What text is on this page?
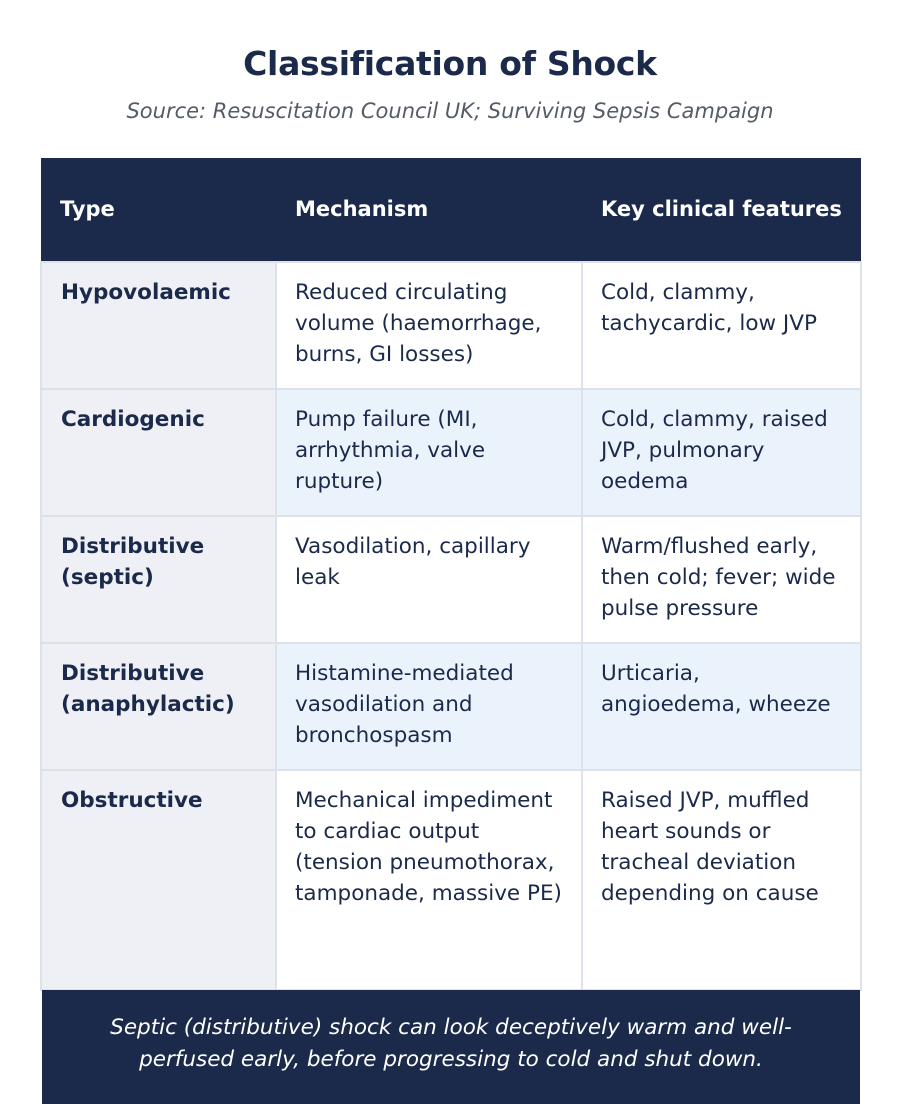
Classification of Shock
Source: Resuscitation Council UK; Surviving Sepsis Campaign
Type	Mechanism	Key clinical features
Hypovolaemic	Reduced circulating volume (haemorrhage, burns, GI losses)	Cold, clammy, tachycardic, low JVP
Cardiogenic	Pump failure (MI, arrhythmia, valve rupture)	Cold, clammy, raised JVP, pulmonary oedema
Distributive (septic)	Vasodilation, capillary leak	Warm/flushed early, then cold; fever; wide pulse pressure
Distributive (anaphylactic)	Histamine-mediated vasodilation and bronchospasm	Urticaria, angioedema, wheeze
Obstructive	Mechanical impediment to cardiac output (tension pneumothorax, tamponade, massive PE)	Raised JVP, muffled heart sounds or tracheal deviation depending on cause
Septic (distributive) shock can look deceptively warm and well-perfused early, before progressing to cold and shut down.
